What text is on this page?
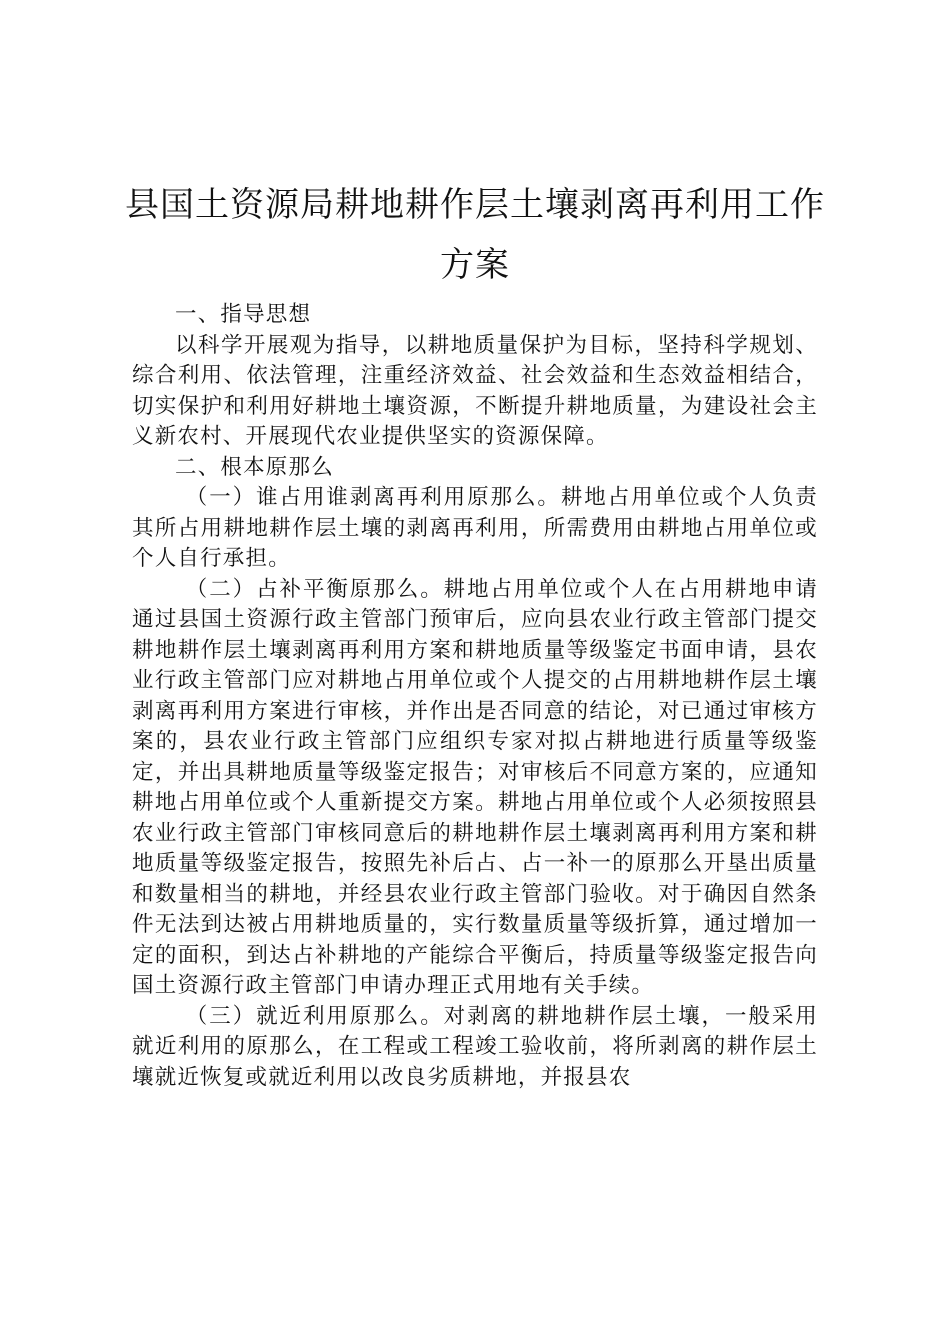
县国土资源局耕地耕作层土壤剥离再利用工作
方案

一、指导思想

以科学开展观为指导，以耕地质量保护为目标，坚持科学规划、综合利用、依法管理，注重经济效益、社会效益和生态效益相结合，切实保护和利用好耕地土壤资源，不断提升耕地质量，为建设社会主义新农村、开展现代农业提供坚实的资源保障。

二、根本原那么

（一）谁占用谁剥离再利用原那么。耕地占用单位或个人负责其所占用耕地耕作层土壤的剥离再利用，所需费用由耕地占用单位或个人自行承担。

（二）占补平衡原那么。耕地占用单位或个人在占用耕地申请通过县国土资源行政主管部门预审后，应向县农业行政主管部门提交耕地耕作层土壤剥离再利用方案和耕地质量等级鉴定书面申请，县农业行政主管部门应对耕地占用单位或个人提交的占用耕地耕作层土壤剥离再利用方案进行审核，并作出是否同意的结论，对已通过审核方案的，县农业行政主管部门应组织专家对拟占耕地进行质量等级鉴定，并出具耕地质量等级鉴定报告；对审核后不同意方案的，应通知耕地占用单位或个人重新提交方案。耕地占用单位或个人必须按照县农业行政主管部门审核同意后的耕地耕作层土壤剥离再利用方案和耕地质量等级鉴定报告，按照先补后占、占一补一的原那么开垦出质量和数量相当的耕地，并经县农业行政主管部门验收。对于确因自然条件无法到达被占用耕地质量的，实行数量质量等级折算，通过增加一定的面积，到达占补耕地的产能综合平衡后，持质量等级鉴定报告向国土资源行政主管部门申请办理正式用地有关手续。

（三）就近利用原那么。对剥离的耕地耕作层土壤，一般采用就近利用的原那么，在工程或工程竣工验收前，将所剥离的耕作层土壤就近恢复或就近利用以改良劣质耕地，并报县农
